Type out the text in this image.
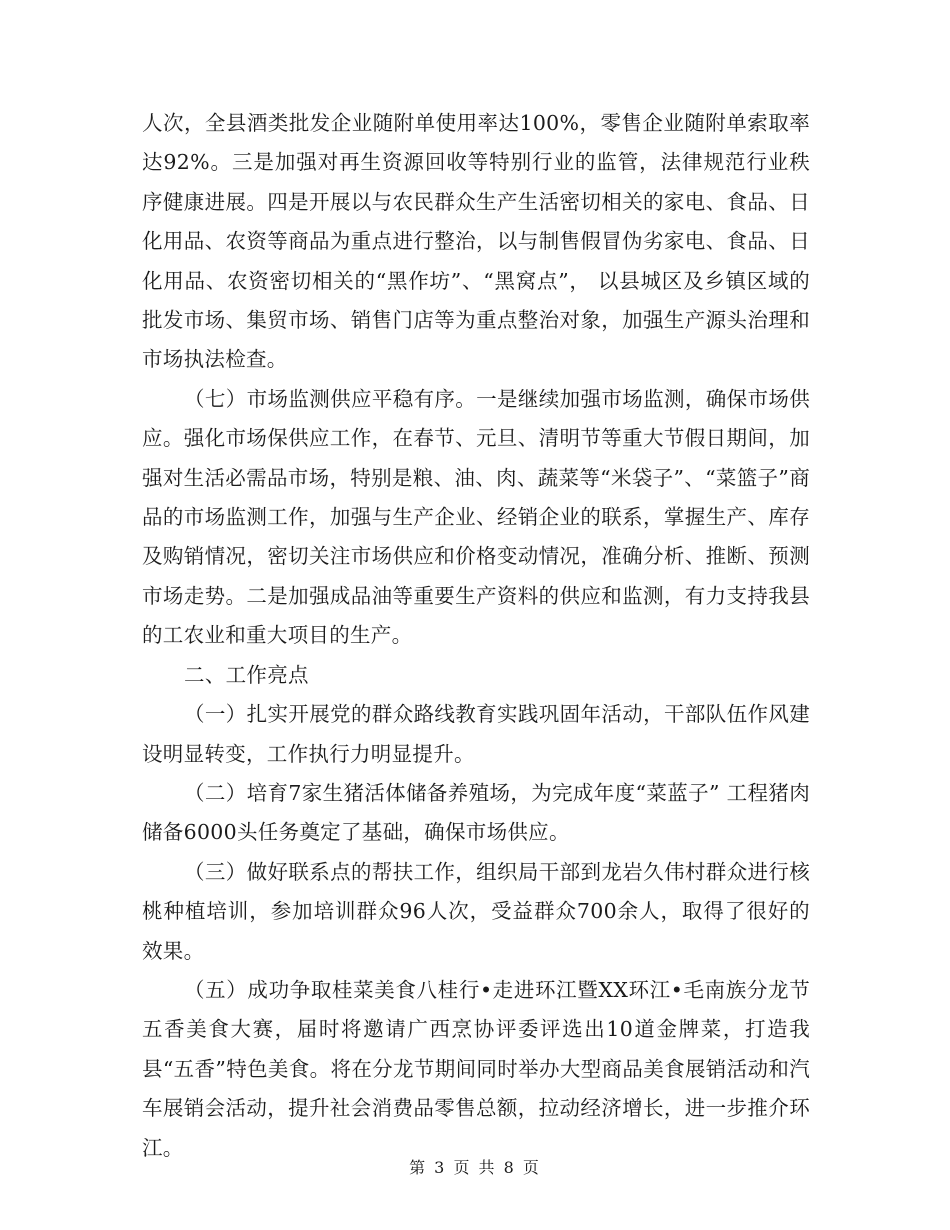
人次，全县酒类批发企业随附单使用率达100%，零售企业随附单索取率达92%。三是加强对再生资源回收等特别行业的监管，法律规范行业秩序健康进展。四是开展以与农民群众生产生活密切相关的家电、食品、日化用品、农资等商品为重点进行整治，以与制售假冒伪劣家电、食品、日化用品、农资密切相关的“黑作坊”、“黑窝点”， 以县城区及乡镇区域的批发市场、集贸市场、销售门店等为重点整治对象，加强生产源头治理和市场执法检查。

（七）市场监测供应平稳有序。一是继续加强市场监测，确保市场供应。强化市场保供应工作，在春节、元旦、清明节等重大节假日期间，加强对生活必需品市场，特别是粮、油、肉、蔬菜等“米袋子”、“菜篮子”商品的市场监测工作，加强与生产企业、经销企业的联系，掌握生产、库存及购销情况，密切关注市场供应和价格变动情况，准确分析、推断、预测市场走势。二是加强成品油等重要生产资料的供应和监测，有力支持我县的工农业和重大项目的生产。

二、工作亮点

（一）扎实开展党的群众路线教育实践巩固年活动，干部队伍作风建设明显转变，工作执行力明显提升。

（二）培育7家生猪活体储备养殖场，为完成年度“菜蓝子” 工程猪肉储备6000头任务奠定了基础，确保市场供应。

（三）做好联系点的帮扶工作，组织局干部到龙岩久伟村群众进行核桃种植培训，参加培训群众96人次，受益群众700余人，取得了很好的效果。

（五）成功争取桂菜美食八桂行•走进环江暨XX环江•毛南族分龙节五香美食大赛，届时将邀请广西烹协评委评选出10道金牌菜，打造我县“五香”特色美食。将在分龙节期间同时举办大型商品美食展销活动和汽车展销会活动，提升社会消费品零售总额，拉动经济增长，进一步推介环江。

第 3 页 共 8 页
